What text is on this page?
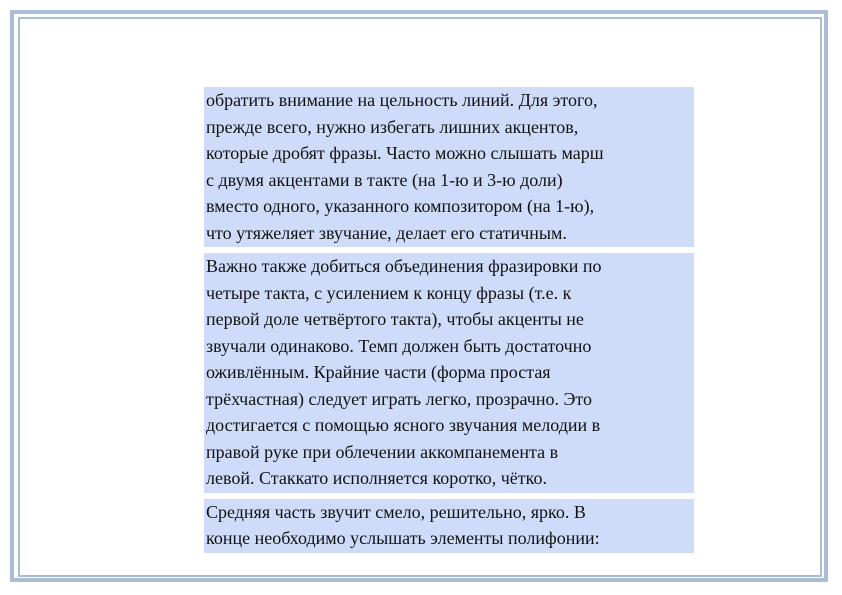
обратить внимание на цельность линий. Для этого,
прежде всего, нужно избегать лишних акцентов,
которые дробят фразы. Часто можно слышать марш
с двумя акцентами в такте (на 1-ю и 3-ю доли)
вместо одного, указанного композитором (на 1-ю),
что утяжеляет звучание, делает его статичным.
Важно также добиться объединения фразировки по
четыре такта, с усилением к концу фразы (т.е. к
первой доле четвёртого такта), чтобы акценты не
звучали одинаково. Темп должен быть достаточно
оживлённым. Крайние части (форма простая
трёхчастная) следует играть легко, прозрачно. Это
достигается с помощью ясного звучания мелодии в
правой руке при облечении аккомпанемента в
левой. Стаккато исполняется коротко, чётко.
Средняя часть звучит смело, решительно, ярко. В
конце необходимо услышать элементы полифонии:
